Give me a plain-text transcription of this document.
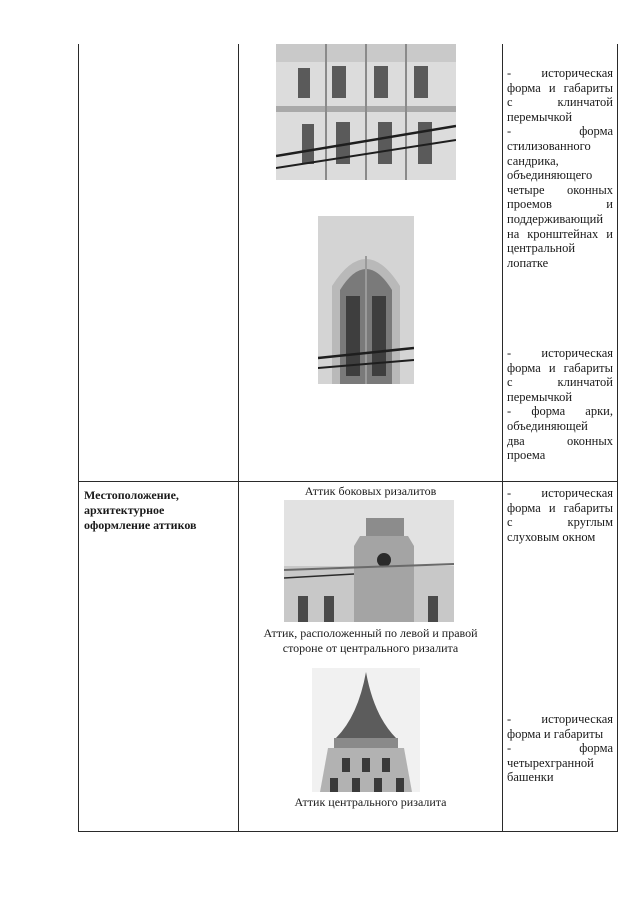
- историческая

форма и габариты

с клинчатой

перемычкой

- форма

стилизованного

сандрика,

объединяющего

четыре оконных

проемов и

поддерживающий

на кронштейнах и

центральной

лопатке

- историческая

форма и габариты

с клинчатой

перемычкой

- форма арки,

объединяющей

два оконных

проема

Местоположение,
архитектурное
оформление аттиков
Аттик боковых ризалитов
Аттик, расположенный по левой и правой
стороне от центрального ризалита
Аттик центрального ризалита

- историческая

форма и габариты

с круглым

слуховым окном

- историческая

форма и габариты

- форма

четырехгранной

башенки
